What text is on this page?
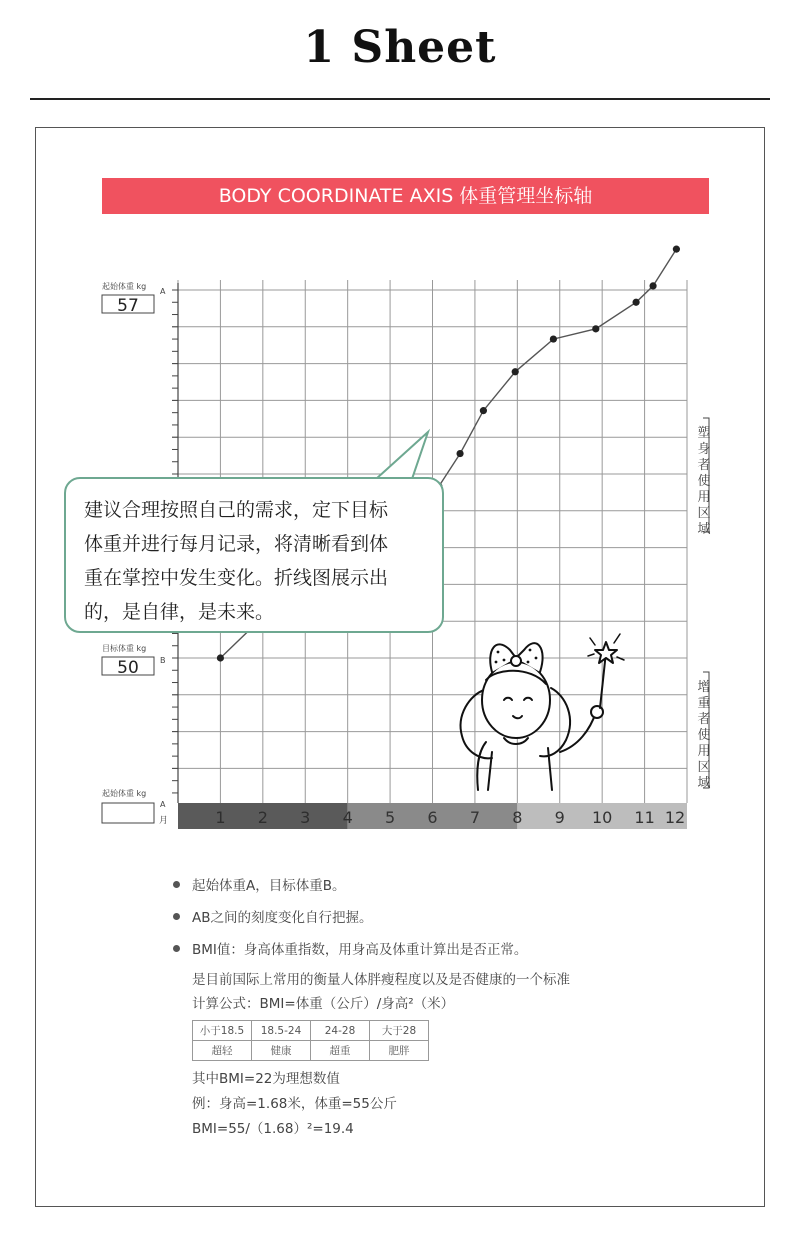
1 Sheet
BODY COORDINATE AXIS 体重管理坐标轴
1 2 3 4 5 6 7 8 9 10 11 12
起始体重 kg
57
A
目标体重 kg
50	B
起始体重 kg
A
月
建议合理按照自己的需求，定下目标
体重并进行每月记录，将清晰看到体
重在掌控中发生变化。折线图展示出
的，是自律，是未来。
塑
身
者
使
用
区
域
增
重
者
使
用
区
域
起始体重A，目标体重B。
AB之间的刻度变化自行把握。
BMI值：身高体重指数，用身高及体重计算出是否正常。
是目前国际上常用的衡量人体胖瘦程度以及是否健康的一个标准
计算公式：BMI=体重（公斤）/身高²（米）
小于18.5	18.5-24	24-28	大于28
超轻	健康	超重	肥胖
其中BMI=22为理想数值
例：身高=1.68米，体重=55公斤
BMI=55/（1.68）²=19.4
